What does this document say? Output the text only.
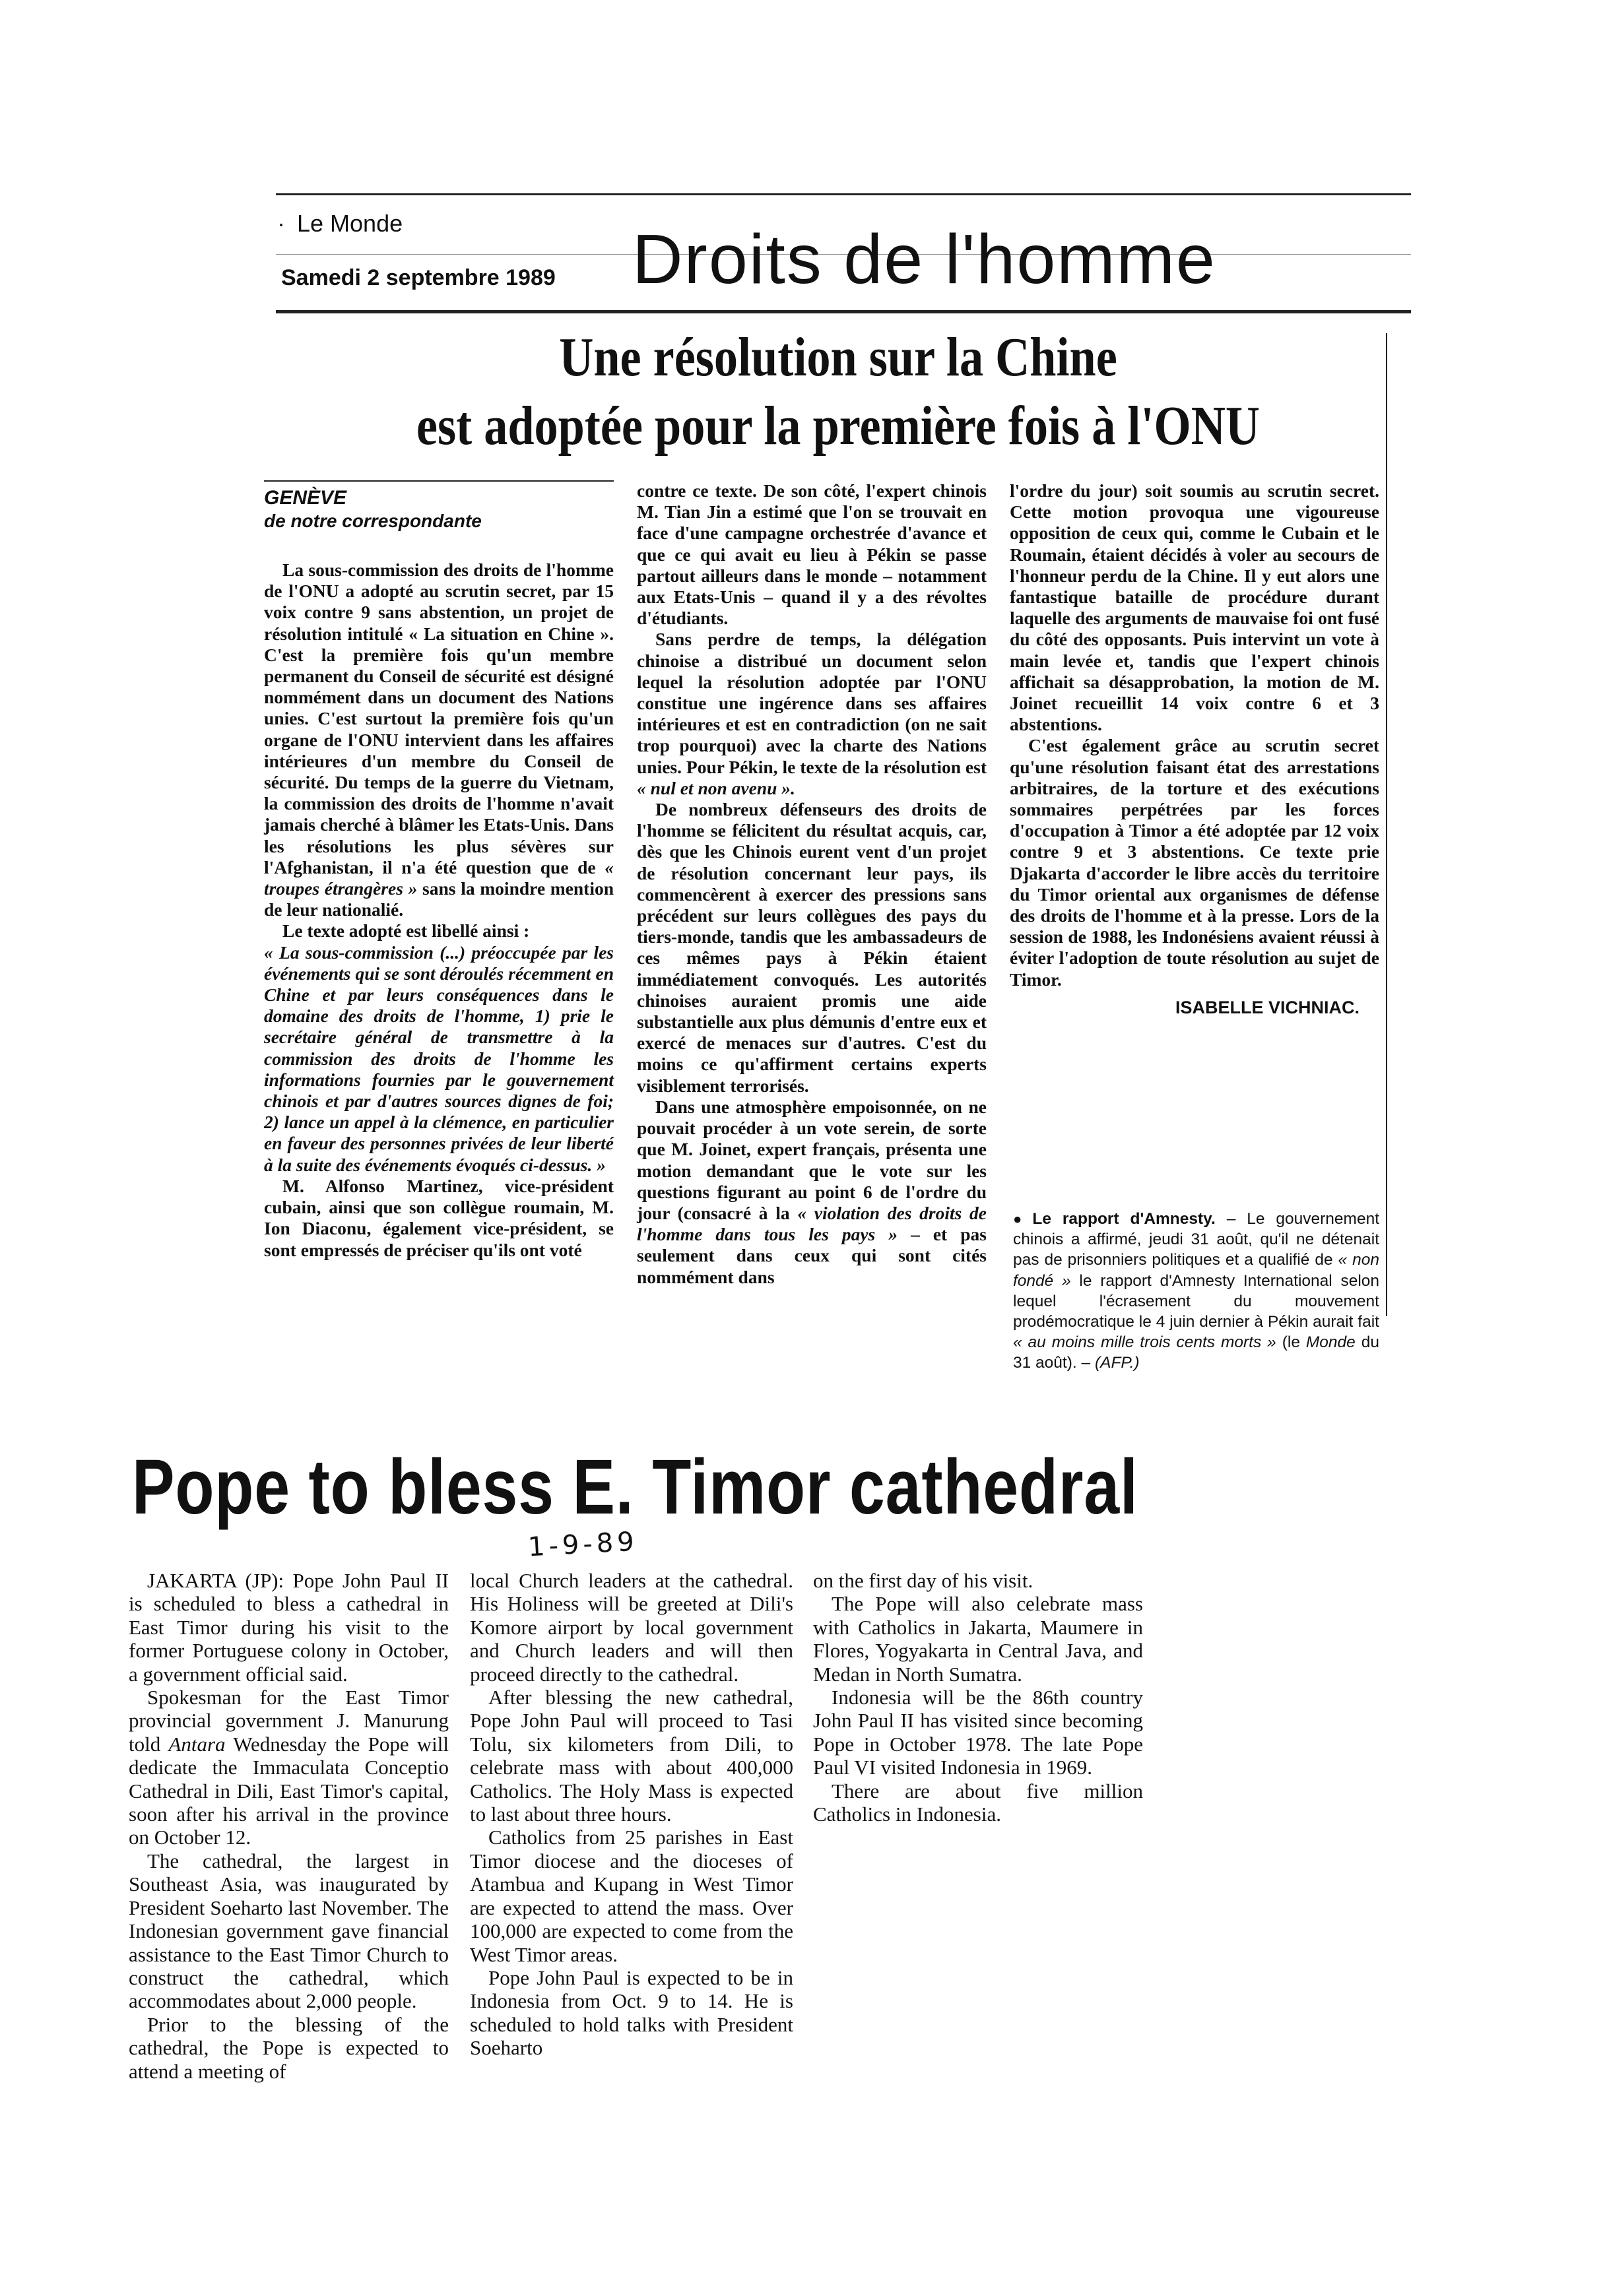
· Le Monde
Samedi 2 septembre 1989 Droits de l'homme
Une résolution sur la Chine
est adoptée pour la première fois à l'ONU
GENÈVE
de notre correspondante

La sous-commission des droits de l'homme de l'ONU a adopté au scrutin secret, par 15 voix contre 9 sans abstention, un projet de résolution intitulé « La situation en Chine ». C'est la première fois qu'un membre permanent du Conseil de sécurité est désigné nommément dans un document des Nations unies. C'est surtout la première fois qu'un organe de l'ONU intervient dans les affaires intérieures d'un membre du Conseil de sécurité. Du temps de la guerre du Vietnam, la commission des droits de l'homme n'avait jamais cherché à blâmer les Etats-Unis. Dans les résolutions les plus sévères sur l'Afghanistan, il n'a été question que de « troupes étrangères » sans la moindre mention de leur nationalié.

Le texte adopté est libellé ainsi :
« La sous-commission (...) préoccupée par les événements qui se sont déroulés récemment en Chine et par leurs conséquences dans le domaine des droits de l'homme, 1) prie le secrétaire général de transmettre à la commission des droits de l'homme les informations fournies par le gouvernement chinois et par d'autres sources dignes de foi; 2) lance un appel à la clémence, en particulier en faveur des personnes privées de leur liberté à la suite des événements évoqués ci-dessus. »

M. Alfonso Martinez, vice-président cubain, ainsi que son collègue roumain, M. Ion Diaconu, également vice-président, se sont empressés de préciser qu'ils ont voté

contre ce texte. De son côté, l'expert chinois M. Tian Jin a estimé que l'on se trouvait en face d'une campagne orchestrée d'avance et que ce qui avait eu lieu à Pékin se passe partout ailleurs dans le monde – notamment aux Etats-Unis – quand il y a des révoltes d'étudiants.

Sans perdre de temps, la délégation chinoise a distribué un document selon lequel la résolution adoptée par l'ONU constitue une ingérence dans ses affaires intérieures et est en contradiction (on ne sait trop pourquoi) avec la charte des Nations unies. Pour Pékin, le texte de la résolution est « nul et non avenu ».

De nombreux défenseurs des droits de l'homme se félicitent du résultat acquis, car, dès que les Chinois eurent vent d'un projet de résolution concernant leur pays, ils commencèrent à exercer des pressions sans précédent sur leurs collègues des pays du tiers-monde, tandis que les ambassadeurs de ces mêmes pays à Pékin étaient immédiatement convoqués. Les autorités chinoises auraient promis une aide substantielle aux plus démunis d'entre eux et exercé de menaces sur d'autres. C'est du moins ce qu'affirment certains experts visiblement terrorisés.

Dans une atmosphère empoisonnée, on ne pouvait procéder à un vote serein, de sorte que M. Joinet, expert français, présenta une motion demandant que le vote sur les questions figurant au point 6 de l'ordre du jour (consacré à la « violation des droits de l'homme dans tous les pays » – et pas seulement dans ceux qui sont cités nommément dans

l'ordre du jour) soit soumis au scrutin secret. Cette motion provoqua une vigoureuse opposition de ceux qui, comme le Cubain et le Roumain, étaient décidés à voler au secours de l'honneur perdu de la Chine. Il y eut alors une fantastique bataille de procédure durant laquelle des arguments de mauvaise foi ont fusé du côté des opposants. Puis intervint un vote à main levée et, tandis que l'expert chinois affichait sa désapprobation, la motion de M. Joinet recueillit 14 voix contre 6 et 3 abstentions.

C'est également grâce au scrutin secret qu'une résolution faisant état des arrestations arbitraires, de la torture et des exécutions sommaires perpétrées par les forces d'occupation à Timor a été adoptée par 12 voix contre 9 et 3 abstentions. Ce texte prie Djakarta d'accorder le libre accès du territoire du Timor oriental aux organismes de défense des droits de l'homme et à la presse. Lors de la session de 1988, les Indonésiens avaient réussi à éviter l'adoption de toute résolution au sujet de Timor.

ISABELLE VICHNIAC.

● Le rapport d'Amnesty. – Le gouvernement chinois a affirmé, jeudi 31 août, qu'il ne détenait pas de prisonniers politiques et a qualifié de « non fondé » le rapport d'Amnesty International selon lequel l'écrasement du mouvement prodémocratique le 4 juin dernier à Pékin aurait fait « au moins mille trois cents morts » (le Monde du 31 août). – (AFP.)
Pope to bless E. Timor cathedral
1-9-89

JAKARTA (JP): Pope John Paul II is scheduled to bless a cathedral in East Timor during his visit to the former Portuguese colony in October, a government official said.

Spokesman for the East Timor provincial government J. Manurung told Antara Wednesday the Pope will dedicate the Immaculata Conceptio Cathedral in Dili, East Timor's capital, soon after his arrival in the province on October 12.

The cathedral, the largest in Southeast Asia, was inaugurated by President Soeharto last November. The Indonesian government gave financial assistance to the East Timor Church to construct the cathedral, which accommodates about 2,000 people.

Prior to the blessing of the cathedral, the Pope is expected to attend a meeting of

local Church leaders at the cathedral. His Holiness will be greeted at Dili's Komore airport by local government and Church leaders and will then proceed directly to the cathedral.

After blessing the new cathedral, Pope John Paul will proceed to Tasi Tolu, six kilometers from Dili, to celebrate mass with about 400,000 Catholics. The Holy Mass is expected to last about three hours.

Catholics from 25 parishes in East Timor diocese and the dioceses of Atambua and Kupang in West Timor are expected to attend the mass. Over 100,000 are expected to come from the West Timor areas.

Pope John Paul is expected to be in Indonesia from Oct. 9 to 14. He is scheduled to hold talks with President Soeharto

on the first day of his visit.

The Pope will also celebrate mass with Catholics in Jakarta, Maumere in Flores, Yogyakarta in Central Java, and Medan in North Sumatra.

Indonesia will be the 86th country John Paul II has visited since becoming Pope in October 1978. The late Pope Paul VI visited Indonesia in 1969.

There are about five million Catholics in Indonesia.
